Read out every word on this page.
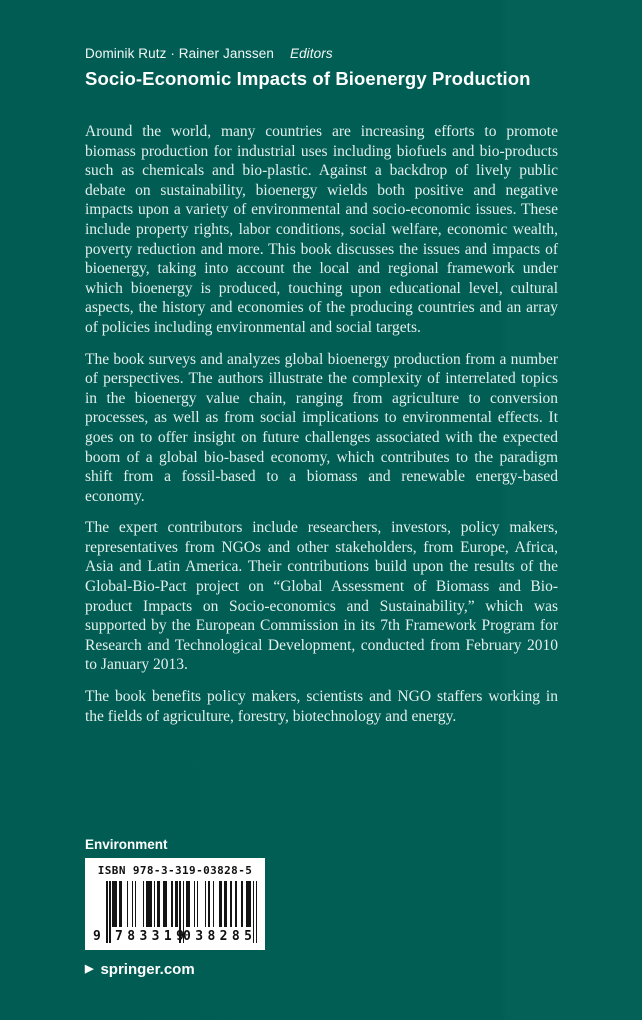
Dominik Rutz · Rainer Janssen Editors

Socio-Economic Impacts of Bioenergy Production

Around the world, many countries are increasing efforts to promote biomass production for industrial uses including biofuels and bio-products such as chemicals and bio-plastic. Against a backdrop of lively public debate on sustainability, bioenergy wields both positive and negative impacts upon a variety of environmental and socio-economic issues. These include property rights, labor conditions, social welfare, economic wealth, poverty reduction and more. This book discusses the issues and impacts of bioenergy, taking into account the local and regional framework under which bioenergy is produced, touching upon educational level, cultural aspects, the history and economies of the producing countries and an array of policies including environmental and social targets.

The book surveys and analyzes global bioenergy production from a number of perspectives. The authors illustrate the complexity of interrelated topics in the bioenergy value chain, ranging from agriculture to conversion processes, as well as from social implications to environmental effects. It goes on to offer insight on future challenges associated with the expected boom of a global bio-based economy, which contributes to the paradigm shift from a fossil-based to a biomass and renewable energy-based economy.

The expert contributors include researchers, investors, policy makers, representatives from NGOs and other stakeholders, from Europe, Africa, Asia and Latin America. Their contributions build upon the results of the Global-Bio-Pact project on “Global Assessment of Biomass and Bio-product Impacts on Socio-economics and Sustainability,” which was supported by the European Commission in its 7th Framework Program for Research and Technological Development, conducted from February 2010 to January 2013.

The book benefits policy makers, scientists and NGO staffers working in the fields of agriculture, forestry, biotechnology and energy.

Environment
ISBN 978-3-319-03828-5
9 783319
038285
▶ springer.com
